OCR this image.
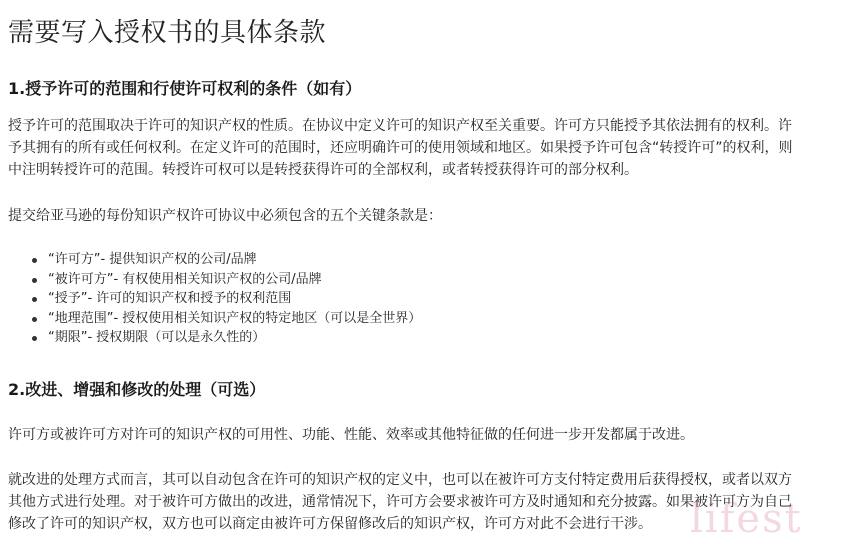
需要写入授权书的具体条款
1.授予许可的范围和行使许可权利的条件（如有）
授予许可的范围取决于许可的知识产权的性质。在协议中定义许可的知识产权至关重要。许可方只能授予其依法拥有的权利。许
予其拥有的所有或任何权利。在定义许可的范围时，还应明确许可的使用领域和地区。如果授予许可包含“转授许可”的权利，则
中注明转授许可的范围。转授许可权可以是转授获得许可的全部权利，或者转授获得许可的部分权利。
提交给亚马逊的每份知识产权许可协议中必须包含的五个关键条款是：
“许可方”- 提供知识产权的公司/品牌
“被许可方”- 有权使用相关知识产权的公司/品牌
“授予”- 许可的知识产权和授予的权利范围
“地理范围”- 授权使用相关知识产权的特定地区（可以是全世界）
“期限”- 授权期限（可以是永久性的）
2.改进、增强和修改的处理（可选）
许可方或被许可方对许可的知识产权的可用性、功能、性能、效率或其他特征做的任何进一步开发都属于改进。
就改进的处理方式而言，其可以自动包含在许可的知识产权的定义中，也可以在被许可方支付特定费用后获得授权，或者以双方
其他方式进行处理。对于被许可方做出的改进，通常情况下，许可方会要求被许可方及时通知和充分披露。如果被许可方为自己
修改了许可的知识产权，双方也可以商定由被许可方保留修改后的知识产权，许可方对此不会进行干涉。 lifest
